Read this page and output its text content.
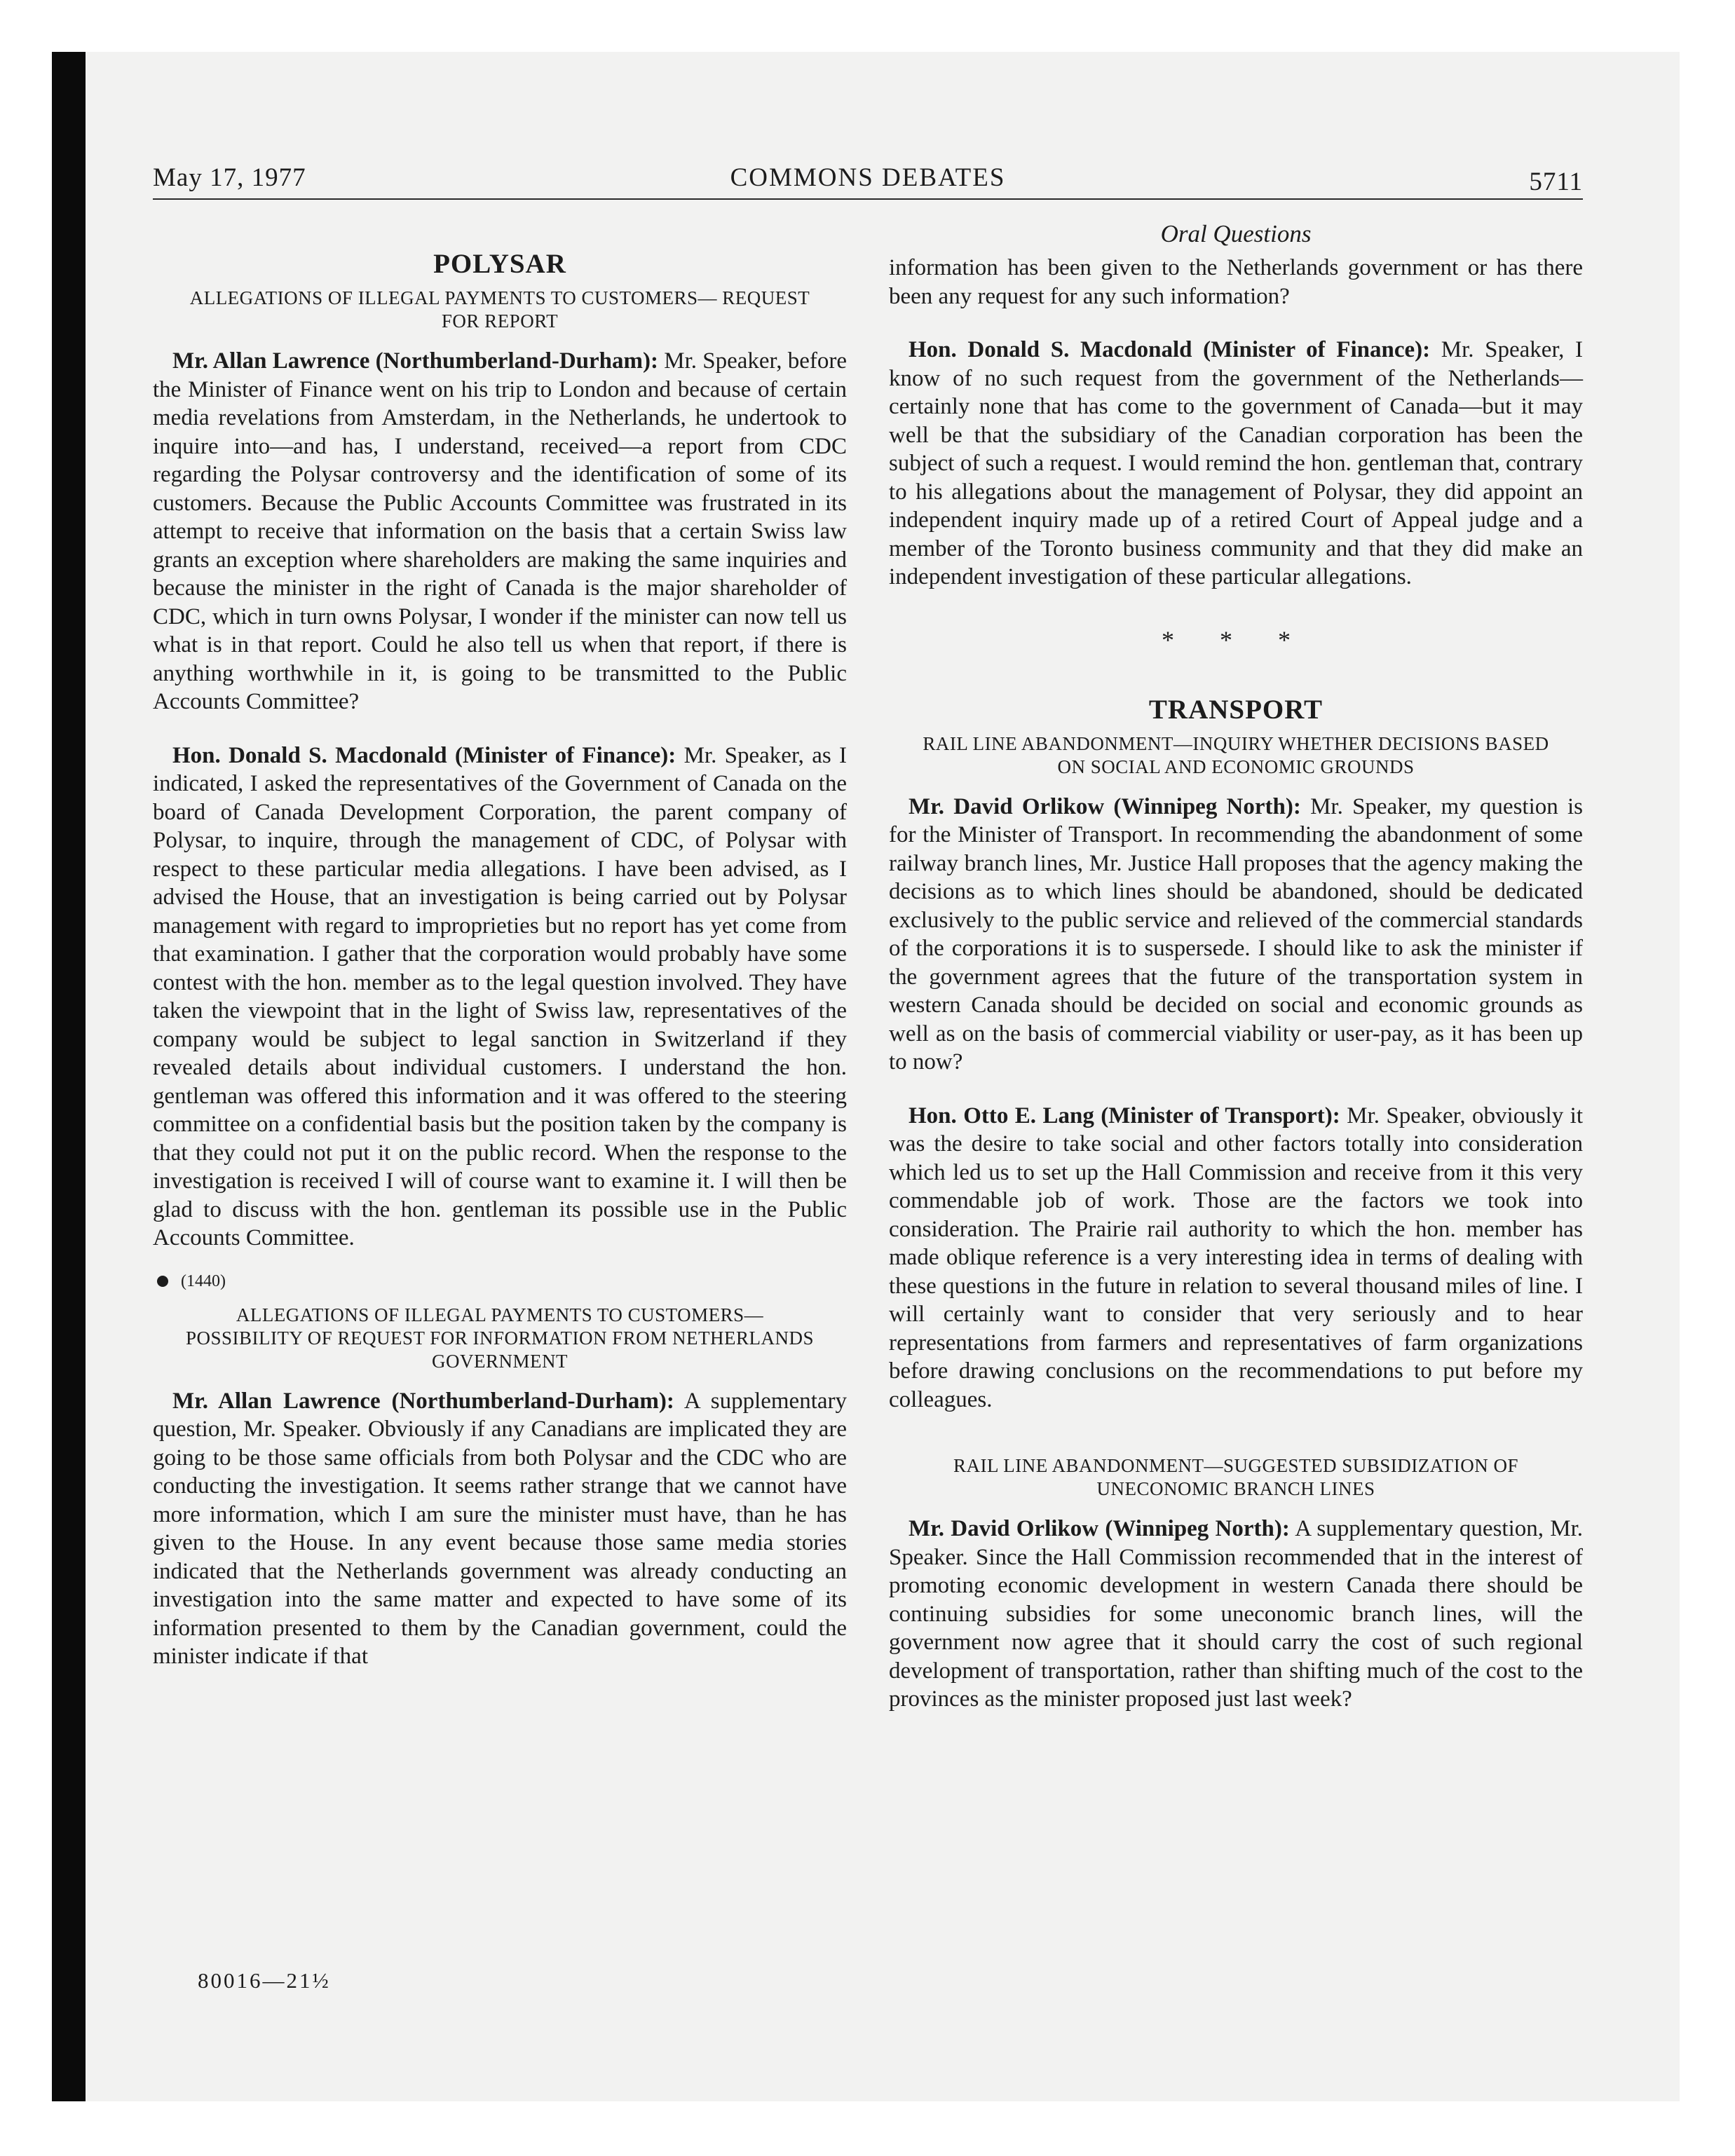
May 17, 1977	COMMONS DEBATES	5711
POLYSAR
ALLEGATIONS OF ILLEGAL PAYMENTS TO CUSTOMERS— REQUEST FOR REPORT

Mr. Allan Lawrence (Northumberland-Durham): Mr. Speaker, before the Minister of Finance went on his trip to London and because of certain media revelations from Amsterdam, in the Netherlands, he undertook to inquire into—and has, I understand, received—a report from CDC regarding the Polysar controversy and the identification of some of its customers. Because the Public Accounts Committee was frustrated in its attempt to receive that information on the basis that a certain Swiss law grants an exception where shareholders are making the same inquiries and because the minister in the right of Canada is the major shareholder of CDC, which in turn owns Polysar, I wonder if the minister can now tell us what is in that report. Could he also tell us when that report, if there is anything worthwhile in it, is going to be transmitted to the Public Accounts Committee?

Hon. Donald S. Macdonald (Minister of Finance): Mr. Speaker, as I indicated, I asked the representatives of the Government of Canada on the board of Canada Development Corporation, the parent company of Polysar, to inquire, through the management of CDC, of Polysar with respect to these particular media allegations. I have been advised, as I advised the House, that an investigation is being carried out by Polysar management with regard to improprieties but no report has yet come from that examination. I gather that the corporation would probably have some contest with the hon. member as to the legal question involved. They have taken the viewpoint that in the light of Swiss law, representatives of the company would be subject to legal sanction in Switzerland if they revealed details about individual customers. I understand the hon. gentleman was offered this information and it was offered to the steering committee on a confidential basis but the position taken by the company is that they could not put it on the public record. When the response to the investigation is received I will of course want to examine it. I will then be glad to discuss with the hon. gentleman its possible use in the Public Accounts Committee.

(1440)
ALLEGATIONS OF ILLEGAL PAYMENTS TO CUSTOMERS— POSSIBILITY OF REQUEST FOR INFORMATION FROM NETHERLANDS GOVERNMENT

Mr. Allan Lawrence (Northumberland-Durham): A supplementary question, Mr. Speaker. Obviously if any Canadians are implicated they are going to be those same officials from both Polysar and the CDC who are conducting the investigation. It seems rather strange that we cannot have more information, which I am sure the minister must have, than he has given to the House. In any event because those same media stories indicated that the Netherlands government was already conducting an investigation into the same matter and expected to have some of its information presented to them by the Canadian government, could the minister indicate if that

Oral Questions

information has been given to the Netherlands government or has there been any request for any such information?

Hon. Donald S. Macdonald (Minister of Finance): Mr. Speaker, I know of no such request from the government of the Netherlands—certainly none that has come to the government of Canada—but it may well be that the subsidiary of the Canadian corporation has been the subject of such a request. I would remind the hon. gentleman that, contrary to his allegations about the management of Polysar, they did appoint an independent inquiry made up of a retired Court of Appeal judge and a member of the Toronto business community and that they did make an independent investigation of these particular allegations.

* * *
TRANSPORT
RAIL LINE ABANDONMENT—INQUIRY WHETHER DECISIONS BASED ON SOCIAL AND ECONOMIC GROUNDS

Mr. David Orlikow (Winnipeg North): Mr. Speaker, my question is for the Minister of Transport. In recommending the abandonment of some railway branch lines, Mr. Justice Hall proposes that the agency making the decisions as to which lines should be abandoned, should be dedicated exclusively to the public service and relieved of the commercial standards of the corporations it is to suspersede. I should like to ask the minister if the government agrees that the future of the transportation system in western Canada should be decided on social and economic grounds as well as on the basis of commercial viability or user-pay, as it has been up to now?

Hon. Otto E. Lang (Minister of Transport): Mr. Speaker, obviously it was the desire to take social and other factors totally into consideration which led us to set up the Hall Commission and receive from it this very commendable job of work. Those are the factors we took into consideration. The Prairie rail authority to which the hon. member has made oblique reference is a very interesting idea in terms of dealing with these questions in the future in relation to several thousand miles of line. I will certainly want to consider that very seriously and to hear representations from farmers and representatives of farm organizations before drawing conclusions on the recommendations to put before my colleagues.

RAIL LINE ABANDONMENT—SUGGESTED SUBSIDIZATION OF UNECONOMIC BRANCH LINES

Mr. David Orlikow (Winnipeg North): A supplementary question, Mr. Speaker. Since the Hall Commission recommended that in the interest of promoting economic development in western Canada there should be continuing subsidies for some uneconomic branch lines, will the government now agree that it should carry the cost of such regional development of transportation, rather than shifting much of the cost to the provinces as the minister proposed just last week?

80016—21½
